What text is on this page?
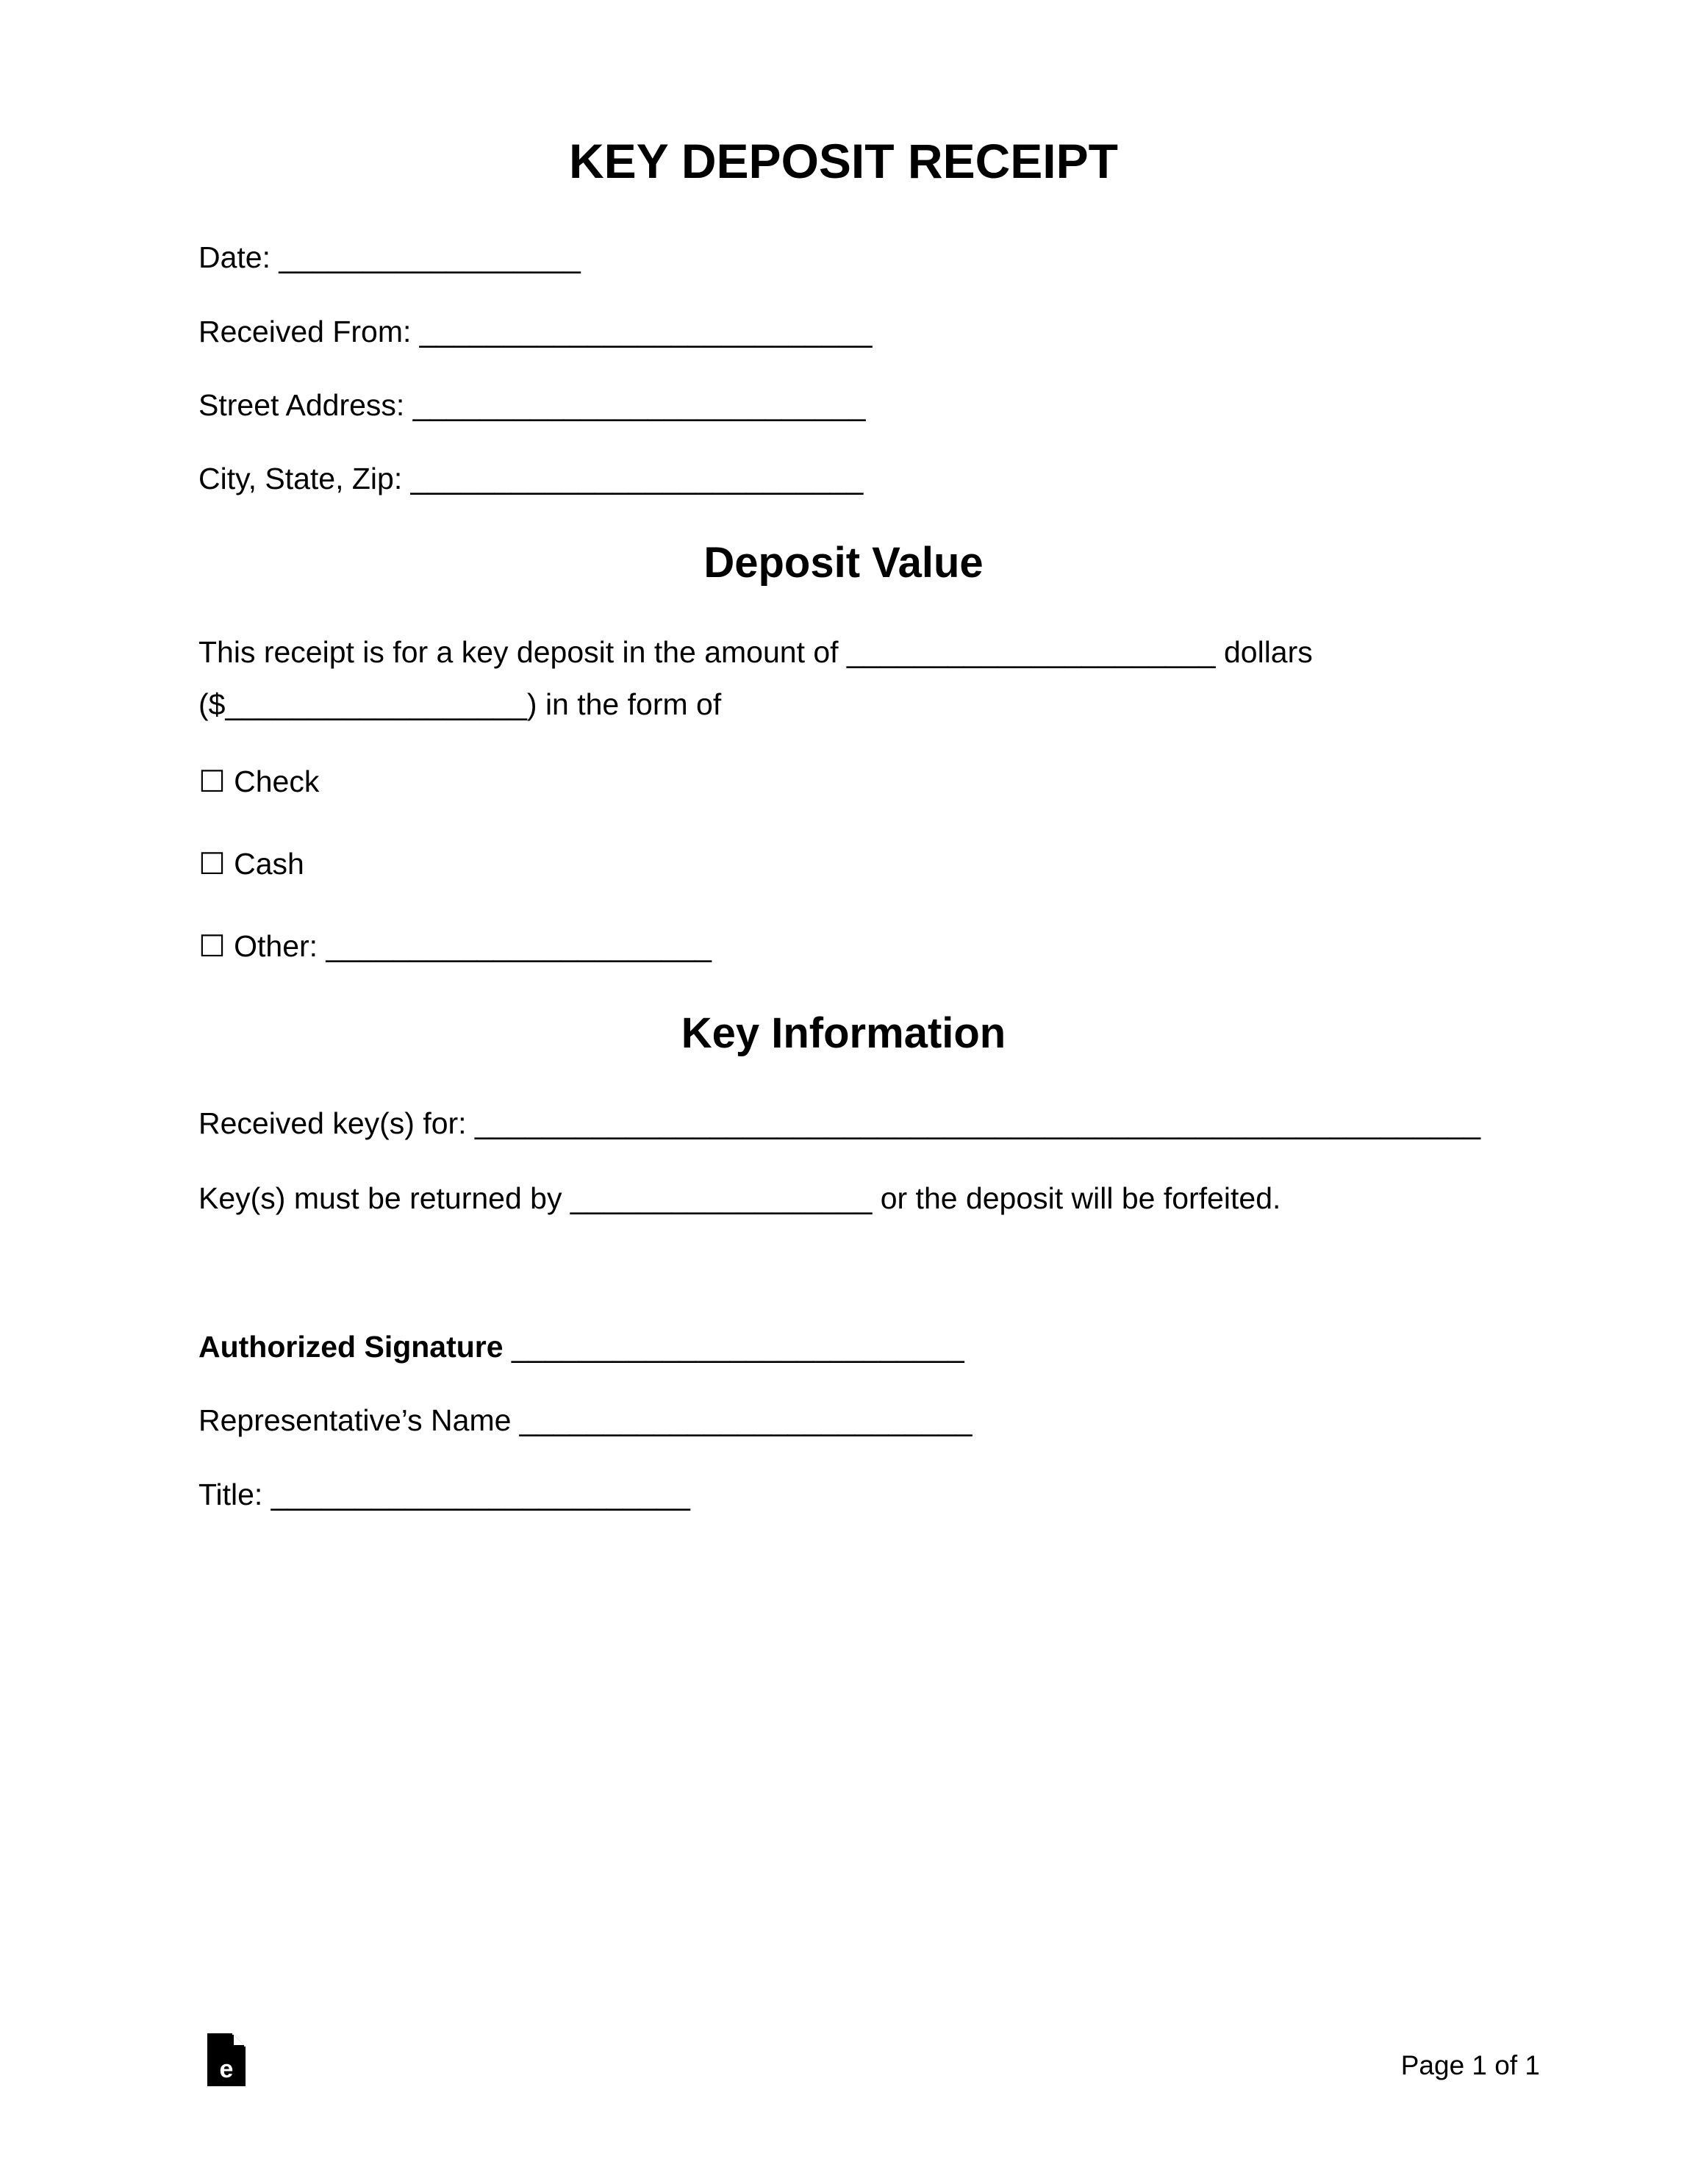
KEY DEPOSIT RECEIPT
Date: __________________
Received From: ___________________________
Street Address: ___________________________
City, State, Zip: ___________________________
Deposit Value
This receipt is for a key deposit in the amount of ______________________ dollars
($__________________) in the form of
☐ Check
☐ Cash
☐ Other: _______________________
Key Information
Received key(s) for: ____________________________________________________________
Key(s) must be returned by __________________ or the deposit will be forfeited.
Authorized Signature ___________________________
Representative’s Name ___________________________
Title: _________________________
e	Page 1 of 1
